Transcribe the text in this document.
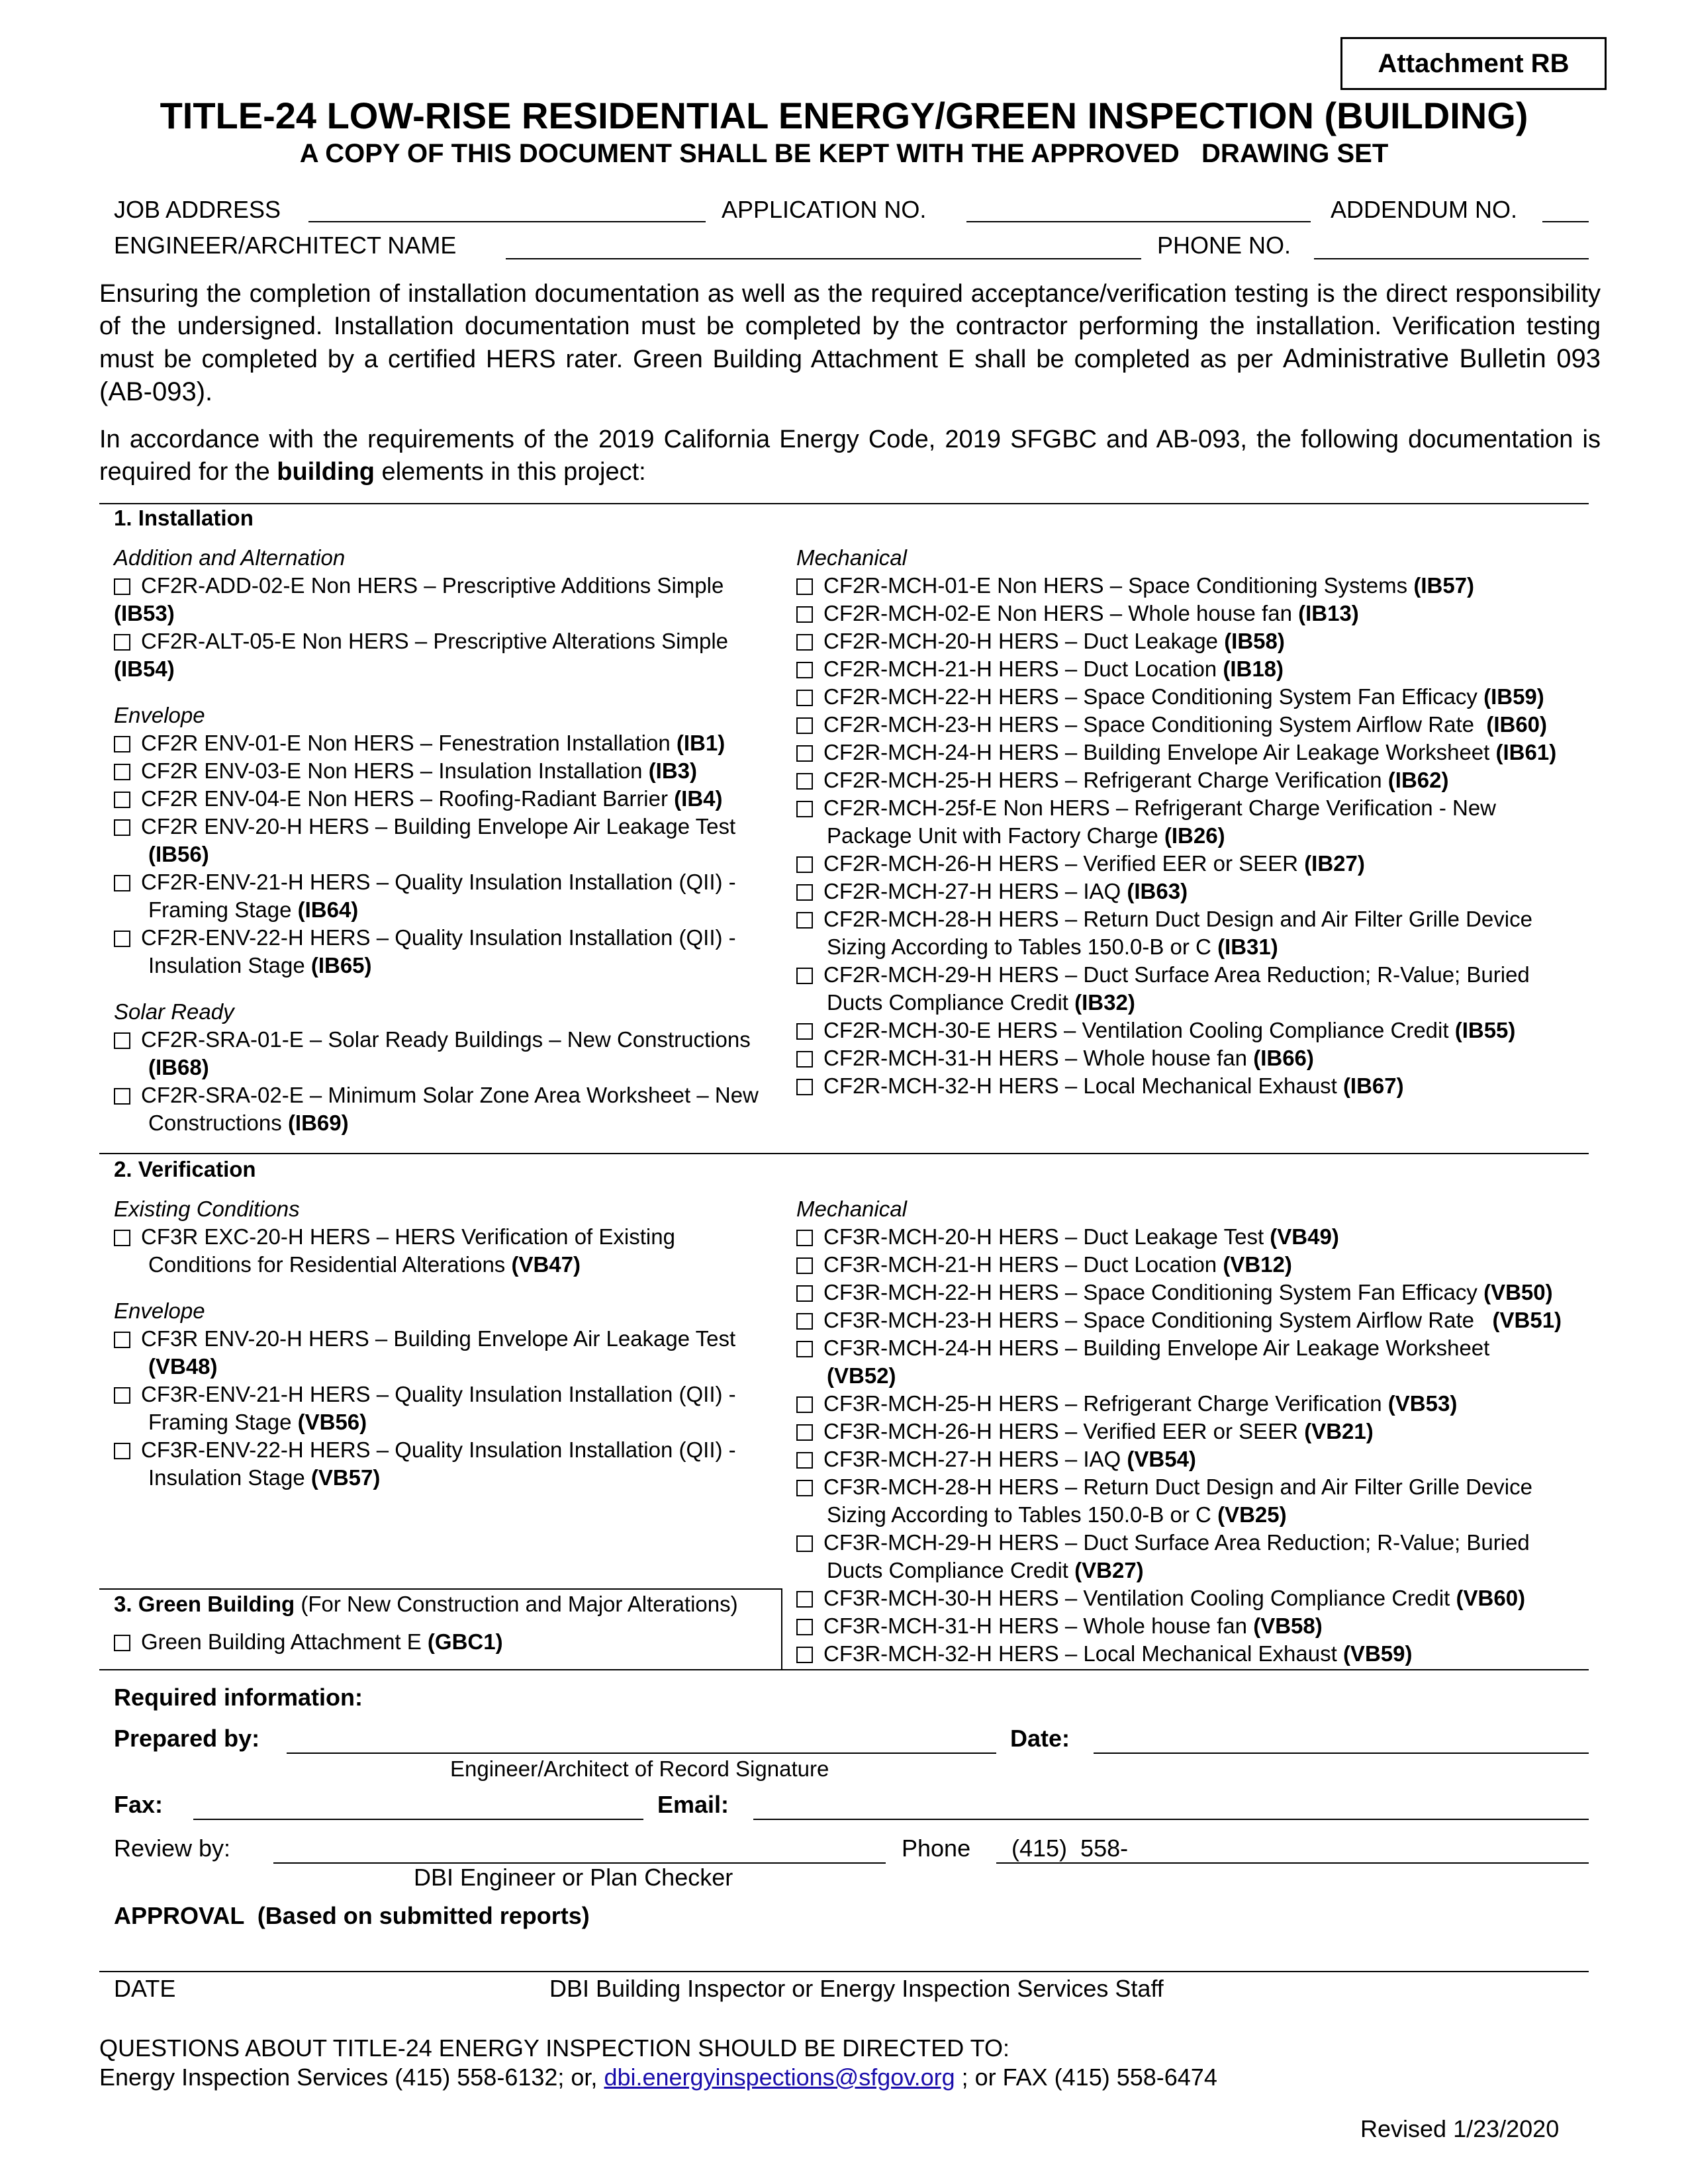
Attachment RB
TITLE-24 LOW-RISE RESIDENTIAL ENERGY/GREEN INSPECTION (BUILDING)
A COPY OF THIS DOCUMENT SHALL BE KEPT WITH THE APPROVED   DRAWING SET
JOB ADDRESS	APPLICATION NO.	ADDENDUM NO.
ENGINEER/ARCHITECT NAME	PHONE NO.
Ensuring the completion of installation documentation as well as the required acceptance/verification testing is the direct responsibility of the undersigned. Installation documentation must be completed by the contractor performing the installation. Verification testing must be completed by a certified HERS rater. Green Building Attachment E shall be completed as per Administrative Bulletin 093 (AB-093).
In accordance with the requirements of the 2019 California Energy Code, 2019 SFGBC and AB-093, the following documentation is required for the building elements in this project:
1. Installation
Addition and Alternation
CF2R-ADD-02-E Non HERS – Prescriptive Additions Simple
(IB53)
CF2R-ALT-05-E Non HERS – Prescriptive Alterations Simple
(IB54)
Envelope
CF2R ENV-01-E Non HERS – Fenestration Installation (IB1)
CF2R ENV-03-E Non HERS – Insulation Installation (IB3)
CF2R ENV-04-E Non HERS – Roofing-Radiant Barrier (IB4)
CF2R ENV-20-H HERS – Building Envelope Air Leakage Test
(IB56)
CF2R-ENV-21-H HERS – Quality Insulation Installation (QII) -
Framing Stage (IB64)
CF2R-ENV-22-H HERS – Quality Insulation Installation (QII) -
Insulation Stage (IB65)
Solar Ready
CF2R-SRA-01-E – Solar Ready Buildings – New Constructions
(IB68)
CF2R-SRA-02-E – Minimum Solar Zone Area Worksheet – New
Constructions (IB69)
Mechanical
CF2R-MCH-01-E Non HERS – Space Conditioning Systems (IB57)
CF2R-MCH-02-E Non HERS – Whole house fan (IB13)
CF2R-MCH-20-H HERS – Duct Leakage (IB58)
CF2R-MCH-21-H HERS – Duct Location (IB18)
CF2R-MCH-22-H HERS – Space Conditioning System Fan Efficacy (IB59)
CF2R-MCH-23-H HERS – Space Conditioning System Airflow Rate  (IB60)
CF2R-MCH-24-H HERS – Building Envelope Air Leakage Worksheet (IB61)
CF2R-MCH-25-H HERS – Refrigerant Charge Verification (IB62)
CF2R-MCH-25f-E Non HERS – Refrigerant Charge Verification - New
Package Unit with Factory Charge (IB26)
CF2R-MCH-26-H HERS – Verified EER or SEER (IB27)
CF2R-MCH-27-H HERS – IAQ (IB63)
CF2R-MCH-28-H HERS – Return Duct Design and Air Filter Grille Device
Sizing According to Tables 150.0-B or C (IB31)
CF2R-MCH-29-H HERS – Duct Surface Area Reduction; R-Value; Buried
Ducts Compliance Credit (IB32)
CF2R-MCH-30-E HERS – Ventilation Cooling Compliance Credit (IB55)
CF2R-MCH-31-H HERS – Whole house fan (IB66)
CF2R-MCH-32-H HERS – Local Mechanical Exhaust (IB67)
2. Verification
Existing Conditions
CF3R EXC-20-H HERS – HERS Verification of Existing
Conditions for Residential Alterations (VB47)
Envelope
CF3R ENV-20-H HERS – Building Envelope Air Leakage Test
(VB48)
CF3R-ENV-21-H HERS – Quality Insulation Installation (QII) -
Framing Stage (VB56)
CF3R-ENV-22-H HERS – Quality Insulation Installation (QII) -
Insulation Stage (VB57)
Mechanical
CF3R-MCH-20-H HERS – Duct Leakage Test (VB49)
CF3R-MCH-21-H HERS – Duct Location (VB12)
CF3R-MCH-22-H HERS – Space Conditioning System Fan Efficacy (VB50)
CF3R-MCH-23-H HERS – Space Conditioning System Airflow Rate   (VB51)
CF3R-MCH-24-H HERS – Building Envelope Air Leakage Worksheet
(VB52)
CF3R-MCH-25-H HERS – Refrigerant Charge Verification (VB53)
CF3R-MCH-26-H HERS – Verified EER or SEER (VB21)
CF3R-MCH-27-H HERS – IAQ (VB54)
CF3R-MCH-28-H HERS – Return Duct Design and Air Filter Grille Device
Sizing According to Tables 150.0-B or C (VB25)
CF3R-MCH-29-H HERS – Duct Surface Area Reduction; R-Value; Buried
Ducts Compliance Credit (VB27)
CF3R-MCH-30-H HERS – Ventilation Cooling Compliance Credit (VB60)
CF3R-MCH-31-H HERS – Whole house fan (VB58)
CF3R-MCH-32-H HERS – Local Mechanical Exhaust (VB59)
3. Green Building (For New Construction and Major Alterations)
Green Building Attachment E (GBC1)
Required information:
Prepared by:	Date:
Engineer/Architect of Record Signature
Fax:	Email:
Review by:	Phone (415)  558-
DBI Engineer or Plan Checker
APPROVAL  (Based on submitted reports)
DATE	DBI Building Inspector or Energy Inspection Services Staff
QUESTIONS ABOUT TITLE-24 ENERGY INSPECTION SHOULD BE DIRECTED TO:
Energy Inspection Services (415) 558-6132; or, dbi.energyinspections@sfgov.org ; or FAX (415) 558-6474
Revised 1/23/2020
